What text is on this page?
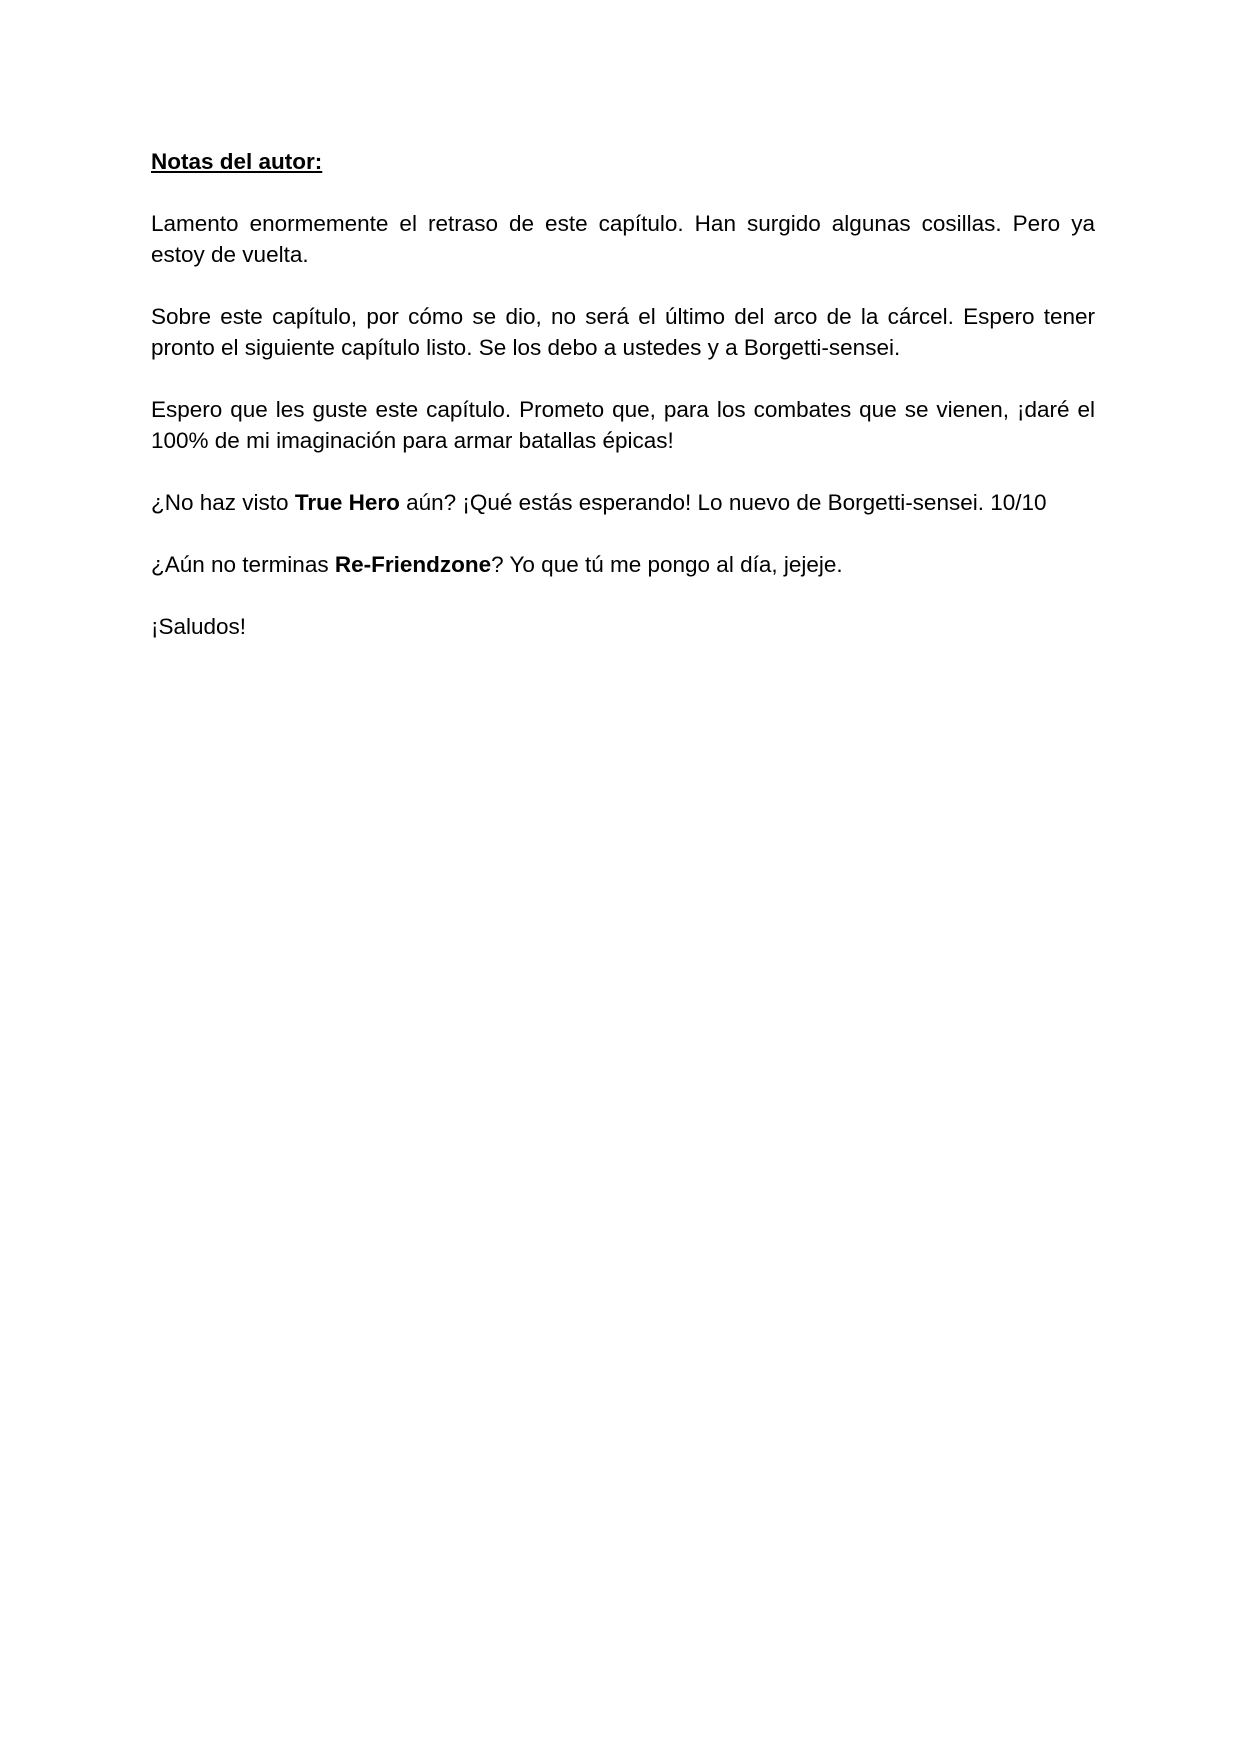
Notas del autor:

Lamento enormemente el retraso de este capítulo. Han surgido algunas cosillas. Pero ya estoy de vuelta.

Sobre este capítulo, por cómo se dio, no será el último del arco de la cárcel. Espero tener pronto el siguiente capítulo listo. Se los debo a ustedes y a Borgetti-sensei.

Espero que les guste este capítulo. Prometo que, para los combates que se vienen, ¡daré el 100% de mi imaginación para armar batallas épicas!

¿No haz visto True Hero aún? ¡Qué estás esperando! Lo nuevo de Borgetti-sensei. 10/10

¿Aún no terminas Re-Friendzone? Yo que tú me pongo al día, jejeje.

¡Saludos!
